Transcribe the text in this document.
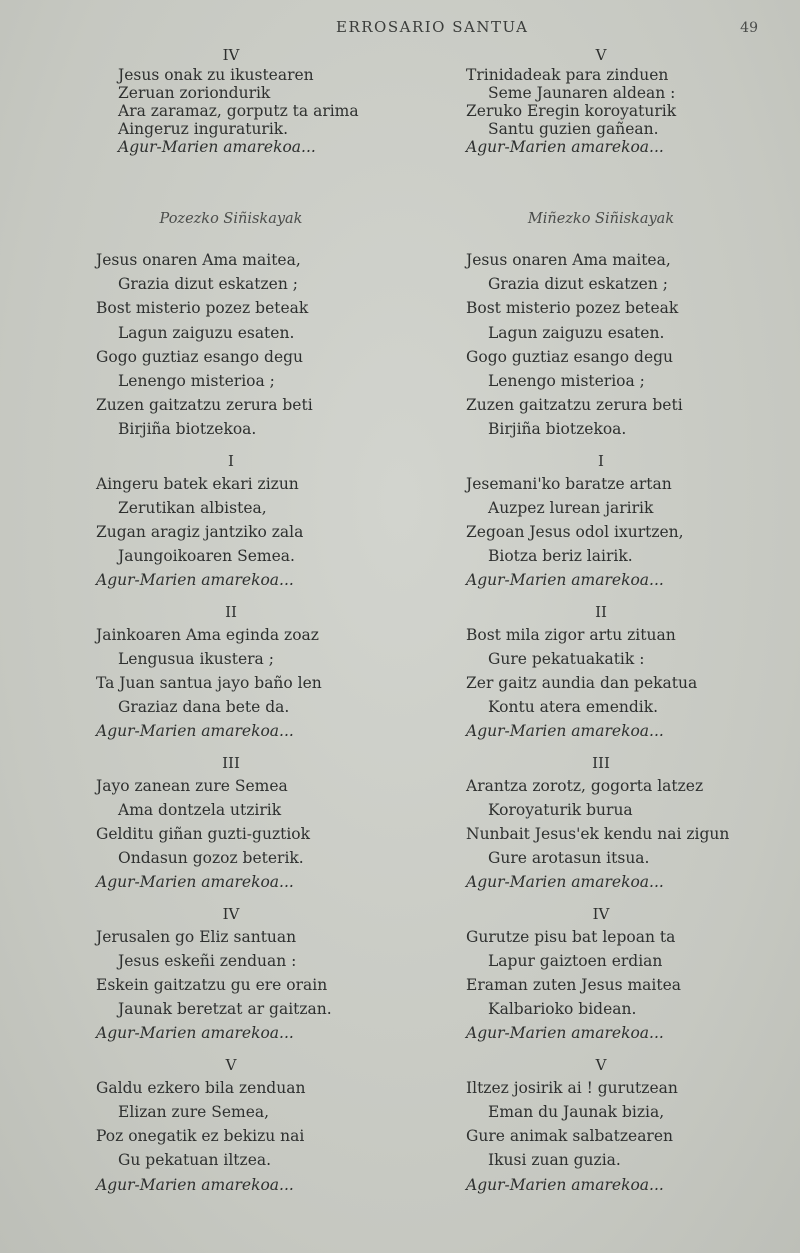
ERROSARIO SANTUA	49
IV
Jesus onak zu ikustearen
Zeruan zoriondurik
Ara zaramaz, gorputz ta arima
Aingeruz inguraturik.
Agur-Marien amarekoa...
Pozezko Siñiskayak
Jesus onaren Ama maitea,
Grazia dizut eskatzen ;
Bost misterio pozez beteak
Lagun zaiguzu esaten.
Gogo guztiaz esango degu
Lenengo misterioa ;
Zuzen gaitzatzu zerura beti
Birjiña biotzekoa.
I
Aingeru batek ekari zizun
Zerutikan albistea,
Zugan aragiz jantziko zala
Jaungoikoaren Semea.
Agur-Marien amarekoa...
II
Jainkoaren Ama eginda zoaz
Lengusua ikustera ;
Ta Juan santua jayo baño len
Graziaz dana bete da.
Agur-Marien amarekoa...
III
Jayo zanean zure Semea
Ama dontzela utzirik
Gelditu giñan guzti-guztiok
Ondasun gozoz beterik.
Agur-Marien amarekoa...
IV
Jerusalen go Eliz santuan
Jesus eskeñi zenduan :
Eskein gaitzatzu gu ere orain
Jaunak beretzat ar gaitzan.
Agur-Marien amarekoa...
V
Galdu ezkero bila zenduan
Elizan zure Semea,
Poz onegatik ez bekizu nai
Gu pekatuan iltzea.
Agur-Marien amarekoa...
V
Trinidadeak para zinduen
Seme Jaunaren aldean :
Zeruko Eregin koroyaturik
Santu guzien gañean.
Agur-Marien amarekoa...
Miñezko Siñiskayak
Jesus onaren Ama maitea,
Grazia dizut eskatzen ;
Bost misterio pozez beteak
Lagun zaiguzu esaten.
Gogo guztiaz esango degu
Lenengo misterioa ;
Zuzen gaitzatzu zerura beti
Birjiña biotzekoa.
I
Jesemani'ko baratze artan
Auzpez lurean jaririk
Zegoan Jesus odol ixurtzen,
Biotza beriz lairik.
Agur-Marien amarekoa...
II
Bost mila zigor artu zituan
Gure pekatuakatik :
Zer gaitz aundia dan pekatua
Kontu atera emendik.
Agur-Marien amarekoa...
III
Arantza zorotz, gogorta latzez
Koroyaturik burua
Nunbait Jesus'ek kendu nai zigun
Gure arotasun itsua.
Agur-Marien amarekoa...
IV
Gurutze pisu bat lepoan ta
Lapur gaiztoen erdian
Eraman zuten Jesus maitea
Kalbarioko bidean.
Agur-Marien amarekoa...
V
Iltzez josirik ai ! gurutzean
Eman du Jaunak bizia,
Gure animak salbatzearen
Ikusi zuan guzia.
Agur-Marien amarekoa...
